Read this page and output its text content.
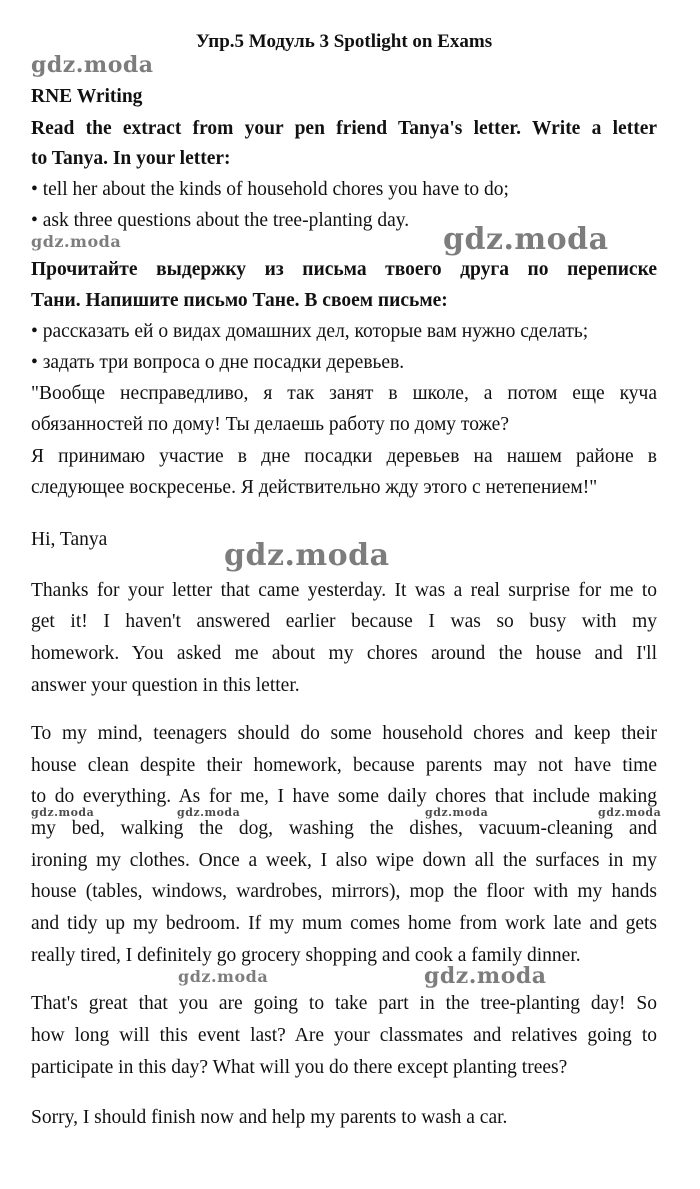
Упр.5 Модуль 3 Spotlight on Exams
RNE Writing
Read the extract from your pen friend Tanya's letter. Write a letter
to Tanya. In your letter:
• tell her about the kinds of household chores you have to do;
• ask three questions about the tree-planting day.
Прочитайте выдержку из письма твоего друга по переписке
Тани. Напишите письмо Тане. В своем письме:
• рассказать ей о видах домашних дел, которые вам нужно сделать;
• задать три вопроса о дне посадки деревьев.
"Вообще несправедливо, я так занят в школе, а потом еще куча
обязанностей по дому! Ты делаешь работу по дому тоже?
Я принимаю участие в дне посадки деревьев на нашем районе в
следующее воскресенье. Я действительно жду этого с нетепением!"
Hi, Tanya
Thanks for your letter that came yesterday. It was a real surprise for me to
get it! I haven't answered earlier because I was so busy with my
homework. You asked me about my chores around the house and I'll
answer your question in this letter.
To my mind, teenagers should do some household chores and keep their
house clean despite their homework, because parents may not have time
to do everything. As for me, I have some daily chores that include making
my bed, walking the dog, washing the dishes, vacuum-cleaning and
ironing my clothes. Once a week, I also wipe down all the surfaces in my
house (tables, windows, wardrobes, mirrors), mop the floor with my hands
and tidy up my bedroom. If my mum comes home from work late and gets
really tired, I definitely go grocery shopping and cook a family dinner.
That's great that you are going to take part in the tree-planting day! So
how long will this event last? Are your classmates and relatives going to
participate in this day? What will you do there except planting trees?
Sorry, I should finish now and help my parents to wash a car.
gdz.moda
gdz.moda	gdz.moda
gdz.moda
gdz.moda	gdz.moda	gdz.moda	gdz.moda
gdz.moda	gdz.moda
